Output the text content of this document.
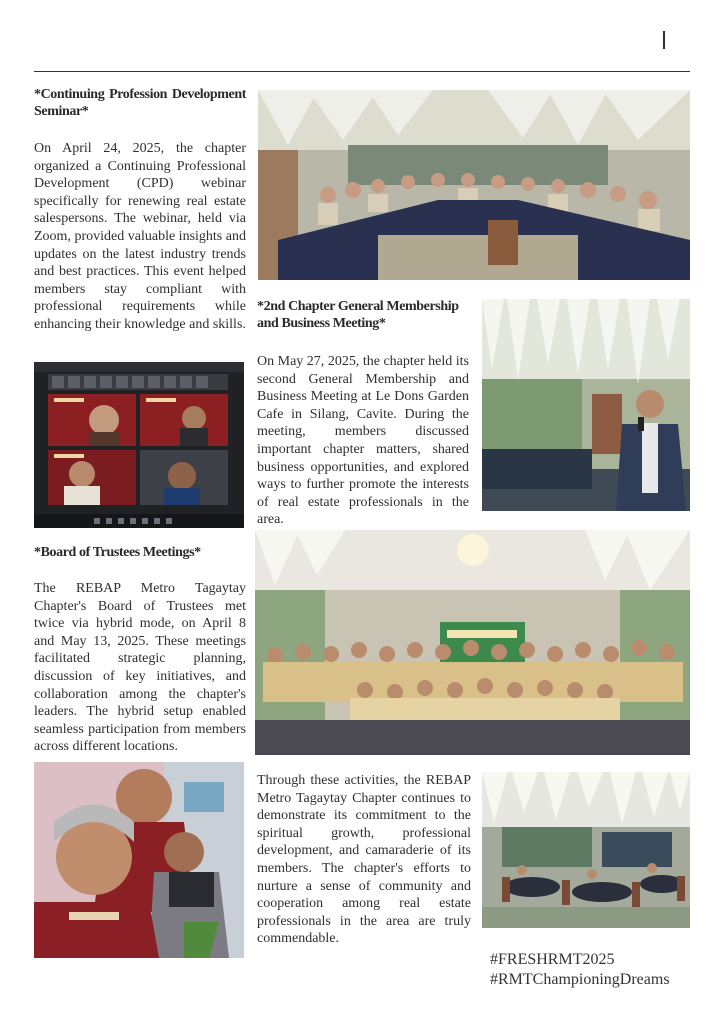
*Continuing Profession Development Seminar*
On April 24, 2025, the chapter organized a Continuing Professional Development (CPD) webinar specifically for renewing real estate salespersons. The webinar, held via Zoom, provided valuable insights and updates on the latest industry trends and best practices. This event helped members stay compliant with professional requirements while enhancing their knowledge and skills.
*2nd Chapter General Membership and Business Meeting*
On May 27, 2025, the chapter held its second General Membership and Business Meeting at Le Dons Garden Cafe in Silang, Cavite. During the meeting, members discussed important chapter matters, shared business opportunities, and explored ways to further promote the interests of real estate professionals in the area.
*Board of Trustees Meetings*
The REBAP Metro Tagaytay Chapter's Board of Trustees met twice via hybrid mode, on April 8 and May 13, 2025. These meetings facilitated strategic planning, discussion of key initiatives, and collaboration among the chapter's leaders. The hybrid setup enabled seamless participation from members across different locations.
Through these activities, the REBAP Metro Tagaytay Chapter continues to demonstrate its commitment to the spiritual growth, professional development, and camaraderie of its members. The chapter's efforts to nurture a sense of community and cooperation among real estate professionals in the area are truly commendable.
#FRESHRMT2025
#RMTChampioningDreams
